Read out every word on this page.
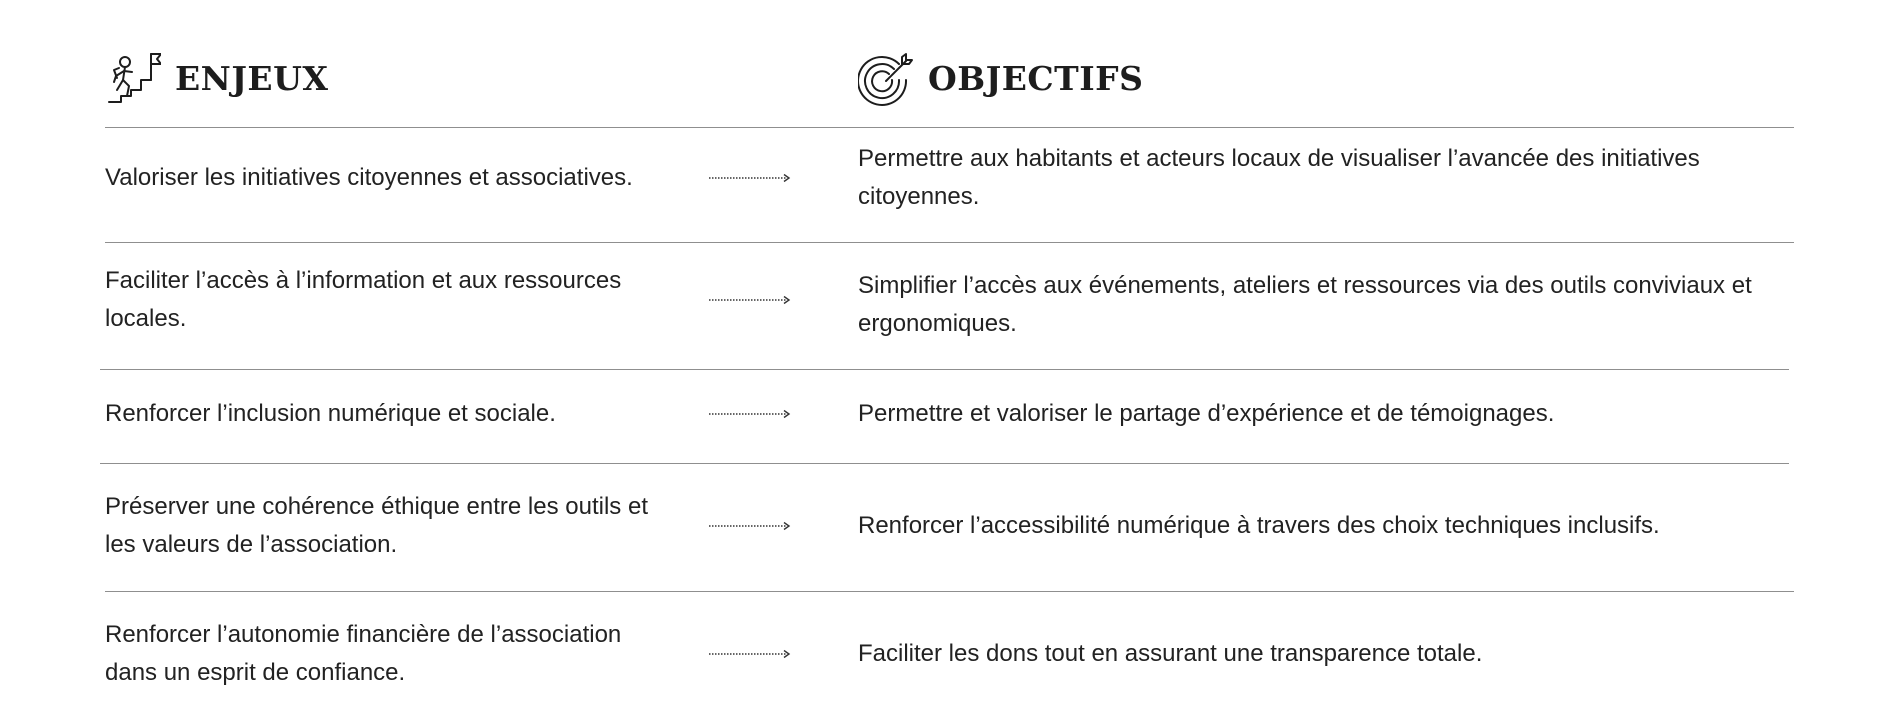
ENJEUX	OBJECTIFS
Valoriser les initiatives citoyennes et associatives.
Permettre aux habitants et acteurs locaux de visualiser l’avancée des initiatives citoyennes.
Faciliter l’accès à l’information et aux ressources locales.
Simplifier l’accès aux événements, ateliers et ressources via des outils conviviaux et ergonomiques.
Renforcer l’inclusion numérique et sociale.	Permettre et valoriser le partage d’expérience et de témoignages.
Préserver une cohérence éthique entre les outils et les valeurs de l’association.
Renforcer l’accessibilité numérique à travers des choix techniques inclusifs.
Renforcer l’autonomie financière de l’association dans un esprit de confiance.
Faciliter les dons tout en assurant une transparence totale.
